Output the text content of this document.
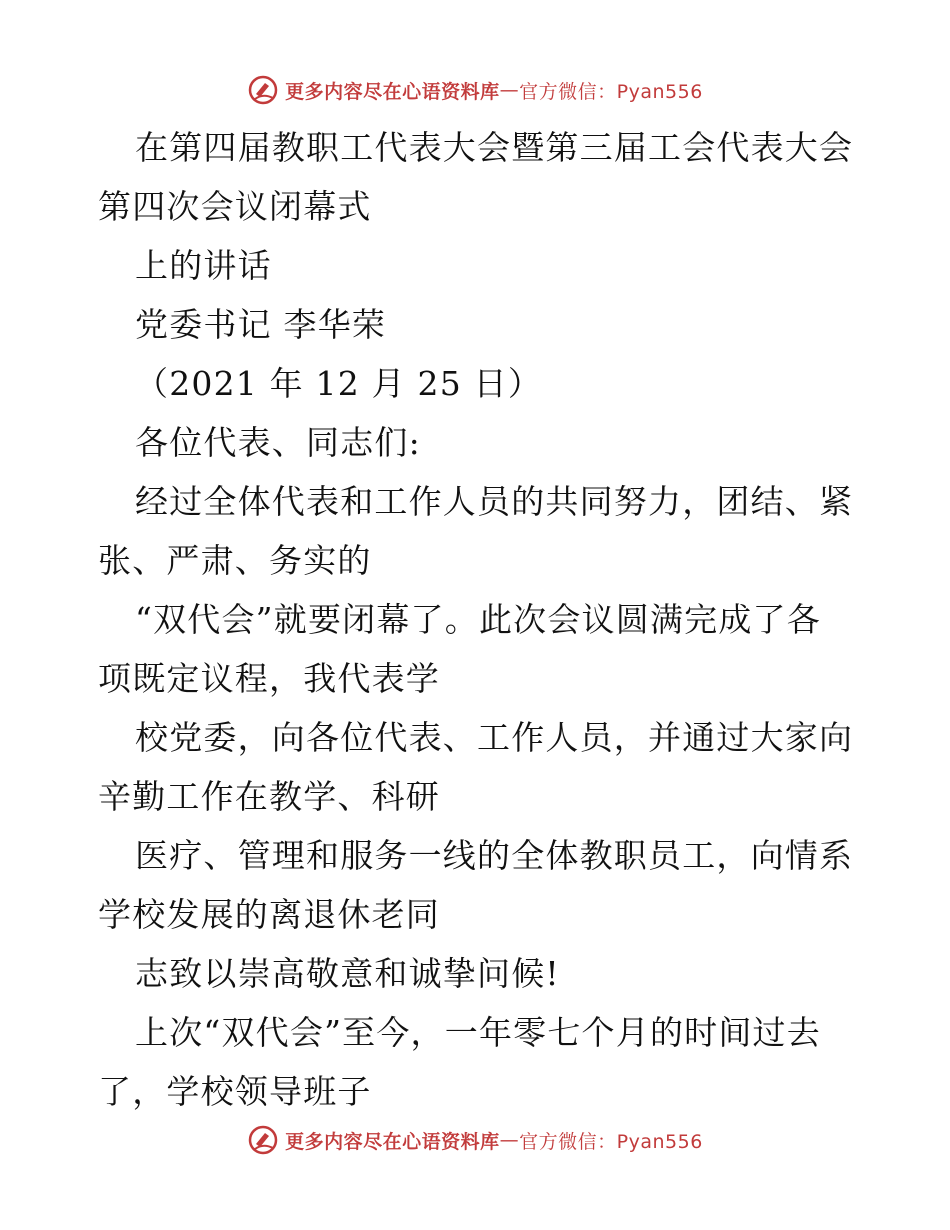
更多内容尽在心语资料库 — 官方微信：Pyan556
在第四届教职工代表大会暨第三届工会代表大会
第四次会议闭幕式
上的讲话
党委书记 李华荣
（2021 年 12 月 25 日）
各位代表、同志们:
经过全体代表和工作人员的共同努力，团结、紧
张、严肃、务实的
“双代会”就要闭幕了。此次会议圆满完成了各
项既定议程，我代表学
校党委，向各位代表、工作人员，并通过大家向
辛勤工作在教学、科研
医疗、管理和服务一线的全体教职员工，向情系
学校发展的离退休老同
志致以崇高敬意和诚挚问候!
上次“双代会”至今，一年零七个月的时间过去
了，学校领导班子
更多内容尽在心语资料库 — 官方微信：Pyan556
